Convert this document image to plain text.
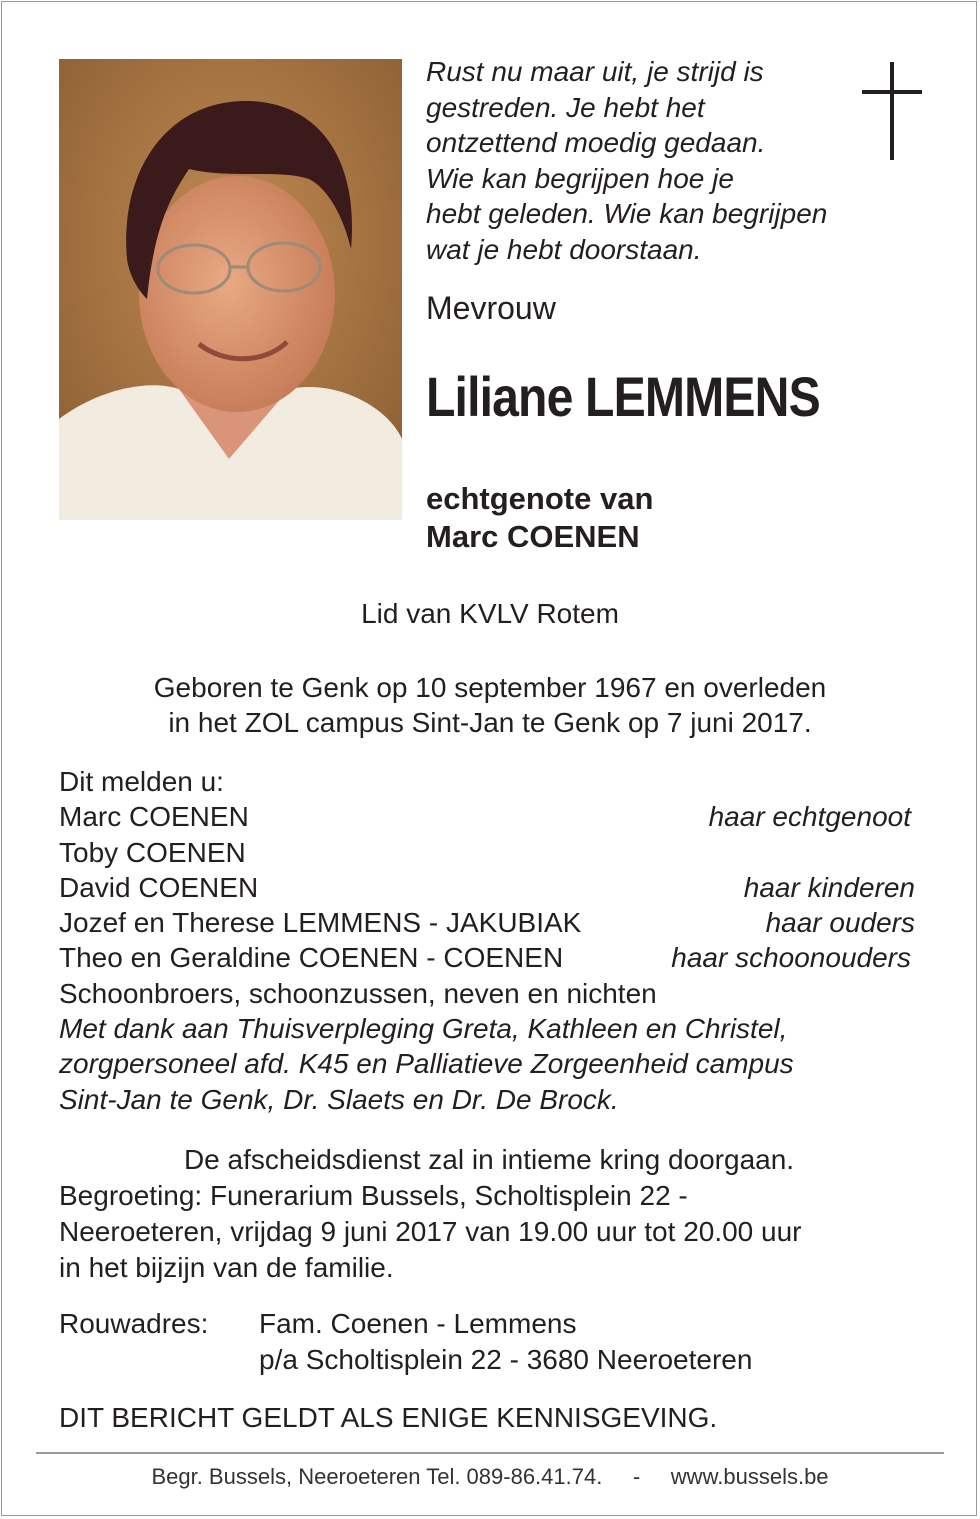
Rust nu maar uit, je strijd is
gestreden. Je hebt het
ontzettend moedig gedaan.
Wie kan begrijpen hoe je
hebt geleden. Wie kan begrijpen
wat je hebt doorstaan.
Mevrouw
Liliane LEMMENS
echtgenote van
Marc COENEN
Lid van KVLV Rotem
Geboren te Genk op 10 september 1967 en overleden
in het ZOL campus Sint-Jan te Genk op 7 juni 2017.
Dit melden u:
Marc COENEN	haar echtgenoot
Toby COENEN
David COENEN	haar kinderen
Jozef en Therese LEMMENS - JAKUBIAK	haar ouders
Theo en Geraldine COENEN - COENEN	haar schoonouders
Schoonbroers, schoonzussen, neven en nichten
Met dank aan Thuisverpleging Greta, Kathleen en Christel,
zorgpersoneel afd. K45 en Palliatieve Zorgeenheid campus
Sint-Jan te Genk, Dr. Slaets en Dr. De Brock.
De afscheidsdienst zal in intieme kring doorgaan.
Begroeting: Funerarium Bussels, Scholtisplein 22 -
Neeroeteren, vrijdag 9 juni 2017 van 19.00 uur tot 20.00 uur
in het bijzijn van de familie.
Rouwadres: Fam. Coenen - Lemmens
p/a Scholtisplein 22 - 3680 Neeroeteren
DIT BERICHT GELDT ALS ENIGE KENNISGEVING.
Begr. Bussels, Neeroeteren Tel. 089-86.41.74. - www.bussels.be
